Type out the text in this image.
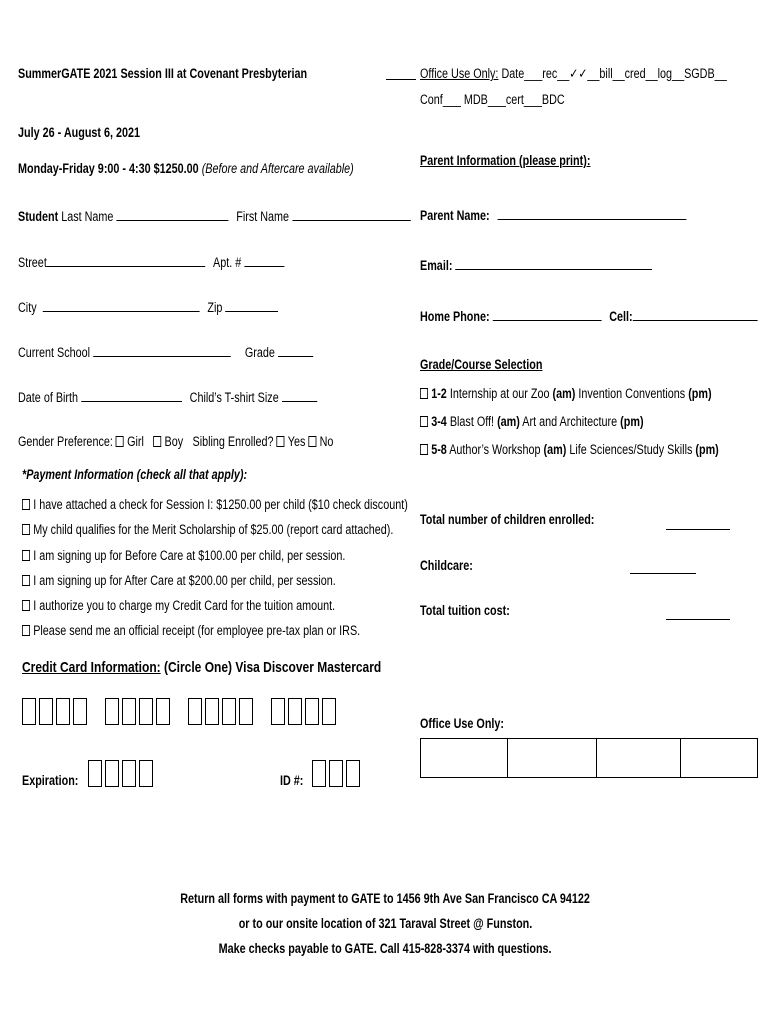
SummerGATE 2021 Session III at Covenant Presbyterian
July 26 - August 6, 2021
Monday-Friday 9:00 - 4:30 $1250.00 (Before and Aftercare available)
Office Use Only: Date___rec__✓✓__bill__cred__log__SGDB__
Conf___ MDB___cert___BDC
Student Last Name	First Name
Street	Apt. #
City	Zip
Current School	Grade
Date of Birth	Child’s T-shirt Size
Gender Preference: Girl Boy Sibling Enrolled? Yes No
*Payment Information (check all that apply):
I have attached a check for Session I: $1250.00 per child ($10 check discount)
My child qualifies for the Merit Scholarship of $25.00 (report card attached).
I am signing up for Before Care at $100.00 per child, per session.
I am signing up for After Care at $200.00 per child, per session.
I authorize you to charge my Credit Card for the tuition amount.
Please send me an official receipt (for employee pre-tax plan or IRS.
Credit Card Information: (Circle One) Visa Discover Mastercard
Expiration:	ID #:
Parent Information (please print):
Parent Name:
Email:
Home Phone:	Cell:
Grade/Course Selection
1-2 Internship at our Zoo (am) Invention Conventions (pm)
3-4 Blast Off! (am) Art and Architecture (pm)
5-8 Author’s Workshop (am) Life Sciences/Study Skills (pm)
Total number of children enrolled:
Childcare:
Total tuition cost:
Office Use Only:
Return all forms with payment to GATE to 1456 9th Ave San Francisco CA 94122
or to our onsite location of 321 Taraval Street @ Funston.
Make checks payable to GATE. Call 415-828-3374 with questions.
